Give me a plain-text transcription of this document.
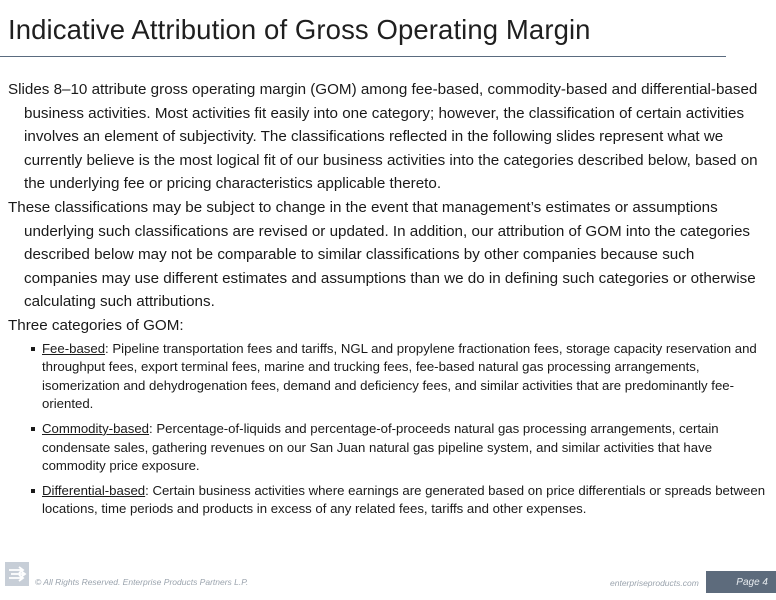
Indicative Attribution of Gross Operating Margin

Slides 8–10 attribute gross operating margin (GOM) among fee-based, commodity-based and differential-based business activities. Most activities fit easily into one category; however, the classification of certain activities involves an element of subjectivity. The classifications reflected in the following slides represent what we currently believe is the most logical fit of our business activities into the categories described below, based on the underlying fee or pricing characteristics applicable thereto.

These classifications may be subject to change in the event that management’s estimates or assumptions underlying such classifications are revised or updated. In addition, our attribution of GOM into the categories described below may not be comparable to similar classifications by other companies because such companies may use different estimates and assumptions than we do in defining such categories or otherwise calculating such attributions.

Three categories of GOM:

Fee-based: Pipeline transportation fees and tariffs, NGL and propylene fractionation fees, storage capacity reservation and throughput fees, export terminal fees, marine and trucking fees, fee-based natural gas processing arrangements, isomerization and dehydrogenation fees, demand and deficiency fees, and similar activities that are predominantly fee-oriented.
Commodity-based: Percentage-of-liquids and percentage-of-proceeds natural gas processing arrangements, certain condensate sales, gathering revenues on our San Juan natural gas pipeline system, and similar activities that have commodity price exposure.
Differential-based: Certain business activities where earnings are generated based on price differentials or spreads between locations, time periods and products in excess of any related fees, tariffs and other expenses.
© All Rights Reserved. Enterprise Products Partners L.P.	enterpriseproducts.com	Page 4
